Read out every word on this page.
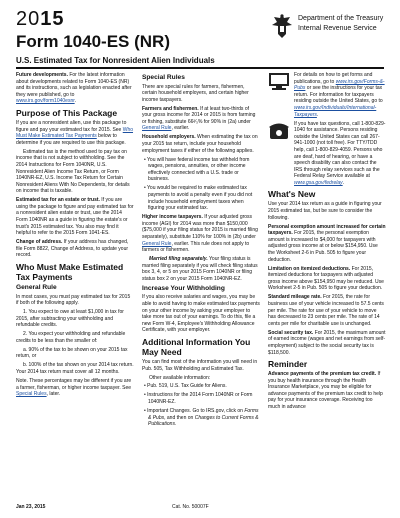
2015
Form 1040-ES (NR)
Department of the Treasury
Internal Revenue Service
U.S. Estimated Tax for Nonresident Alien Individuals

Future developments. For the latest information about developments related to Form 1040-ES (NR) and its instructions, such as legislation enacted after they were published, go to www.irs.gov/form1040esnr.

Purpose of This Package

If you are a nonresident alien, use this package to figure and pay your estimated tax for 2015. See Who Must Make Estimated Tax Payments below to determine if you are required to use this package.

Estimated tax is the method used to pay tax on income that is not subject to withholding. See the 2014 Instructions for Form 1040NR, U.S. Nonresident Alien Income Tax Return, or Form 1040NR-EZ, U.S. Income Tax Return for Certain Nonresident Aliens With No Dependents, for details on income that is taxable.

Estimated tax for an estate or trust. If you are using the package to figure and pay estimated tax for a nonresident alien estate or trust, use the 2014 Form 1040NR as a guide in figuring the estate's or trust's 2015 estimated tax. You also may find it helpful to refer to the 2015 Form 1041-ES.

Change of address. If your address has changed, file Form 8822, Change of Address, to update your record.

Who Must Make Estimated Tax Payments
General Rule

In most cases, you must pay estimated tax for 2015 if both of the following apply.

1. You expect to owe at least $1,000 in tax for 2015, after subtracting your withholding and refundable credits.

2. You expect your withholding and refundable credits to be less than the smaller of:

a. 90% of the tax to be shown on your 2015 tax return, or

b. 100% of the tax shown on your 2014 tax return. Your 2014 tax return must cover all 12 months.

Note. These percentages may be different if you are a farmer, fisherman, or higher income taxpayer. See Special Rules, later.

Special Rules

There are special rules for farmers, fishermen, certain household employers, and certain higher income taxpayers.

Farmers and fishermen. If at least two-thirds of your gross income for 2014 or 2015 is from farming or fishing, substitute 66²⁄₃% for 90% in (2a) under General Rule, earlier.

Household employers. When estimating the tax on your 2015 tax return, include your household employment taxes if either of the following applies.

• You will have federal income tax withheld from wages, pensions, annuities, or other income effectively connected with a U.S. trade or business.

• You would be required to make estimated tax payments to avoid a penalty even if you did not include household employment taxes when figuring your estimated tax.

Higher income taxpayers. If your adjusted gross income (AGI) for 2014 was more than $150,000 ($75,000 if your filing status for 2015 is married filing separately), substitute 110% for 100% in (2b) under General Rule, earlier. This rule does not apply to farmers or fishermen.

Married filing separately. Your filing status is married filing separately if you will check filing status box 3, 4, or 5 on your 2015 Form 1040NR or filing status box 2 on your 2015 Form 1040NR-EZ.

Increase Your Withholding

If you also receive salaries and wages, you may be able to avoid having to make estimated tax payments on your other income by asking your employer to take more tax out of your earnings. To do this, file a new Form W-4, Employee's Withholding Allowance Certificate, with your employer.

Additional Information You May Need

You can find most of the information you will need in Pub. 505, Tax Withholding and Estimated Tax.

Other available information:

• Pub. 519, U.S. Tax Guide for Aliens.

• Instructions for the 2014 Form 1040NR or Form 1040NR-EZ.

• Important Changes. Go to IRS.gov, click on Forms & Pubs, and then on Changes to Current Forms & Publications.

For details on how to get forms and publications, go to www.irs.gov/Forms-&-Pubs or see the instructions for your tax return. For information for taxpayers residing outside the United States, go to www.irs.gov/Individuals/International-Taxpayers.

If you have tax questions, call 1-800-829-1040 for assistance. Persons residing outside the United States can call 267-941-1000 (not toll free). For TTY/TDD help, call 1-800-829-4059. Persons who are deaf, hard of hearing, or have a speech disability can also contact the IRS through relay services such as the Federal Relay Service available at www.gsa.gov/fedrelay.

What's New

Use your 2014 tax return as a guide in figuring your 2015 estimated tax, but be sure to consider the following.

Personal exemption amount increased for certain taxpayers. For 2015, the personal exemption amount is increased to $4,000 for taxpayers with adjusted gross income at or below $154,950. Use the Worksheet 2-6 in Pub. 505 to figure your deduction.

Limitation on itemized deductions. For 2015, itemized deductions for taxpayers with adjusted gross income above $154,950 may be reduced. Use Worksheet 2-5 in Pub. 505 to figure your deduction.

Standard mileage rate. For 2015, the rate for business use of your vehicle increased to 57.5 cents per mile. The rate for use of your vehicle to move has decreased to 23 cents per mile. The rate of 14 cents per mile for charitable use is unchanged.

Social security tax. For 2015, the maximum amount of earned income (wages and net earnings from self-employment) subject to the social security tax is $118,500.

Reminder

Advance payments of the premium tax credit. If you buy health insurance through the Health Insurance Marketplace, you may be eligible for advance payments of the premium tax credit to help pay for your insurance coverage. Receiving too much in advance

Jan 23, 2015	Cat. No. 50007F
